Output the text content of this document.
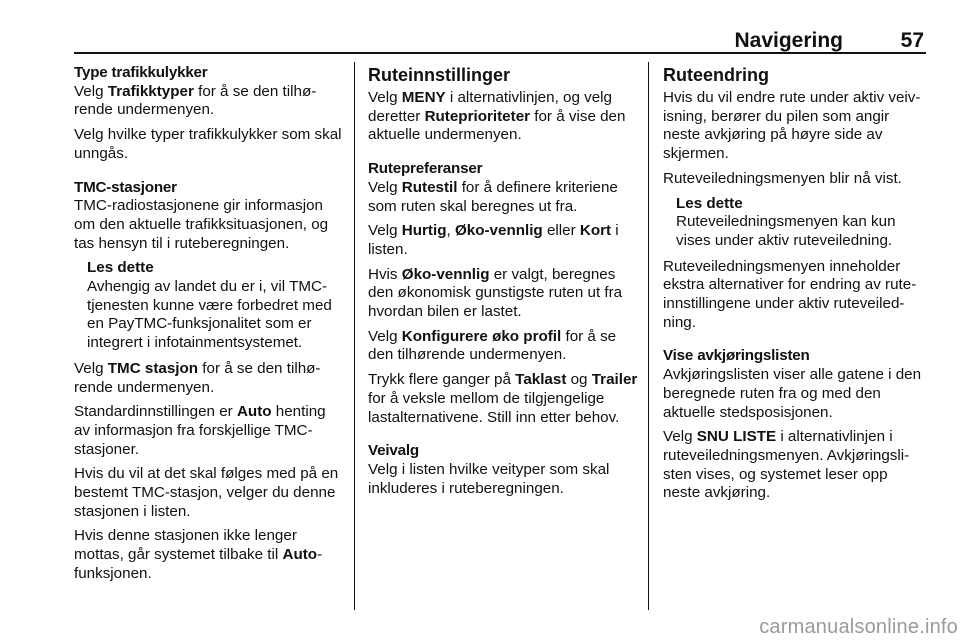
Navigering	57
Type trafikkulykker

Velg Trafikktyper for å se den tilhørende undermenyen.

Velg hvilke typer trafikkulykker som skal unngås.

TMC-stasjoner

TMC-radiostasjonene gir informasjon om den aktuelle trafikksituasjonen, og tas hensyn til i ruteberegningen.

Les dette

Avhengig av landet du er i, vil TMC-tjenesten kunne være forbedret med en PayTMC-funksjonalitet som er integrert i infotainmentsystemet.

Velg TMC stasjon for å se den tilhørende undermenyen.

Standardinnstillingen er Auto henting av informasjon fra forskjellige TMC-stasjoner.

Hvis du vil at det skal følges med på en bestemt TMC-stasjon, velger du denne stasjonen i listen.

Hvis denne stasjonen ikke lenger mottas, går systemet tilbake til Auto-funksjonen.

Ruteinnstillinger

Velg MENY i alternativlinjen, og velg deretter Ruteprioriteter for å vise den aktuelle undermenyen.

Rutepreferanser

Velg Rutestil for å definere kriteriene som ruten skal beregnes ut fra.

Velg Hurtig, Øko-vennlig eller Kort i listen.

Hvis Øko-vennlig er valgt, beregnes den økonomisk gunstigste ruten ut fra hvordan bilen er lastet.

Velg Konfigurere øko profil for å se den tilhørende undermenyen.

Trykk flere ganger på Taklast og Trailer for å veksle mellom de tilgjengelige lastalternativene. Still inn etter behov.

Veivalg

Velg i listen hvilke veityper som skal inkluderes i ruteberegningen.

Ruteendring

Hvis du vil endre rute under aktiv veivisning, berører du pilen som angir neste avkjøring på høyre side av skjermen.

Ruteveiledningsmenyen blir nå vist.

Les dette

Ruteveiledningsmenyen kan kun vises under aktiv ruteveiledning.

Ruteveiledningsmenyen inneholder ekstra alternativer for endring av ruteinnstillingene under aktiv ruteveiledning.

Vise avkjøringslisten

Avkjøringslisten viser alle gatene i den beregnede ruten fra og med den aktuelle stedsposisjonen.

Velg SNU LISTE i alternativlinjen i ruteveiledningsmenyen. Avkjøringslisten vises, og systemet leser opp neste avkjøring.

carmanualsonline.info
